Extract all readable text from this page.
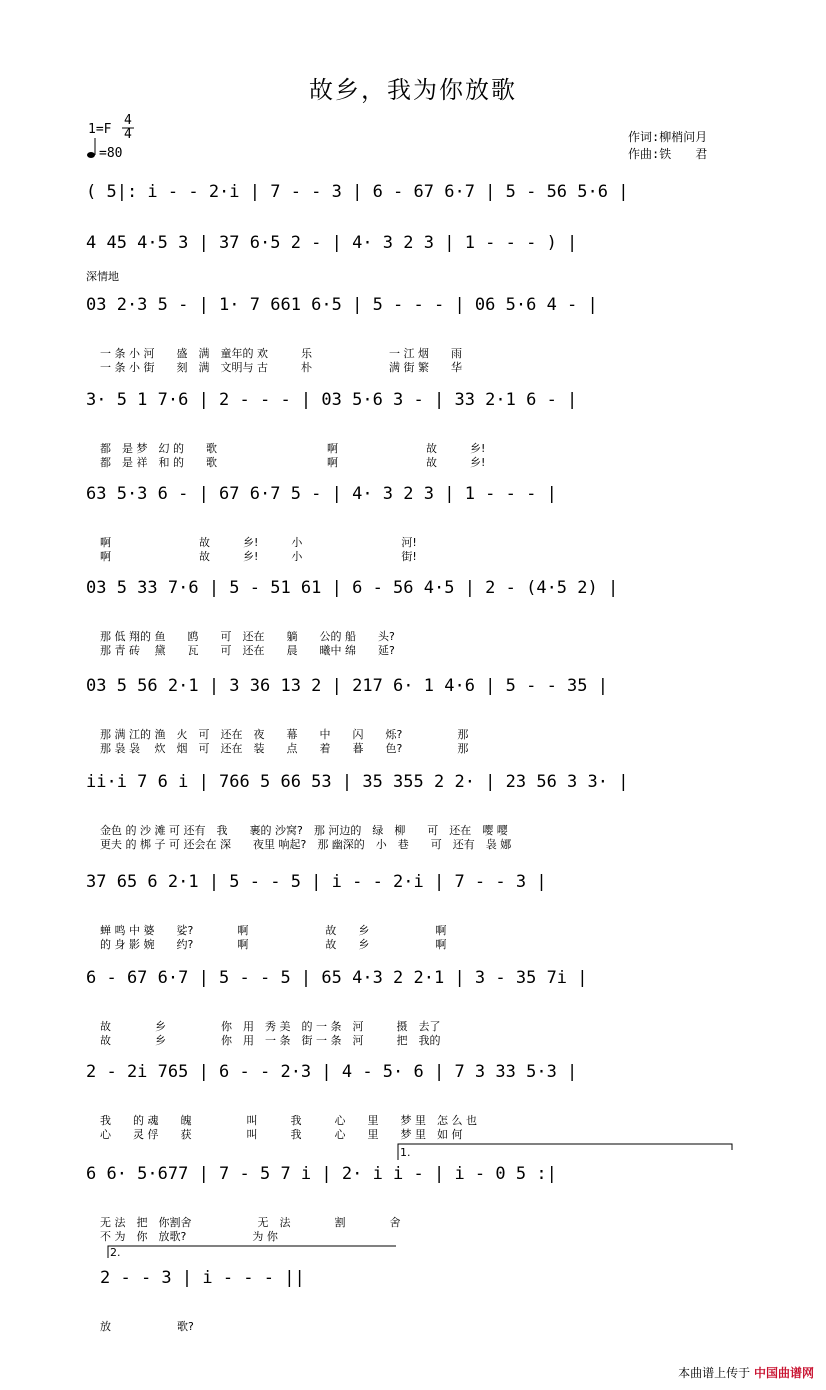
故乡，我为你放歌
1=F
4
4
=80
作词:柳梢问月
作曲:铁　　君
深情地
( 5|: i - - 2·i | 7 - - 3 | 6 - 67 6·7 | 5 - 56 5·6 |
4 45 4·5 3 | 37 6·5 2 - | 4· 3 2 3 | 1 - - - ) |
03 2·3 5 - | 1· 7 661 6·5 | 5 - - - | 06 5·6 4 - |
一 条 小 河　　盛　满　童年的 欢　　　乐　　　　　　　一 江 烟　　雨
一 条 小 街　　刻　满　文明与 古　　　朴　　　　　　　满 街 繁　　华
3· 5 1 7·6 | 2 - - - | 03 5·6 3 - | 33 2·1 6 - |
都　是 梦　幻 的　　歌　　　　　　　　　　啊　　　　　　　　故　　　乡!
都　是 祥　和 的　　歌　　　　　　　　　　啊　　　　　　　　故　　　乡!
63 5·3 6 - | 67 6·7 5 - | 4· 3 2 3 | 1 - - - |
啊　　　　　　　　故　　　乡!　　　小　　　　　　　　　河!
啊　　　　　　　　故　　　乡!　　　小　　　　　　　　　街!
03 5 33 7·6 | 5 - 51 61 | 6 - 56 4·5 | 2 - (4·5 2) |
那 低 翔的 鱼　　鸥　　可　还在　　躺　　公的 船　　头?
那 青 砖　 黛　　瓦　　可　还在　　晨　　曦中 绵　　延?
03 5 56 2·1 | 3 36 13 2 | 217 6· 1 4·6 | 5 - - 35 |
那 满 江的 渔　火　可　还在　夜　　幕　　中　　闪　　烁?　　　　　那
那 袅 袅　 炊　烟　可　还在　装　　点　　着　　暮　　色?　　　　　那
ii·i 7 6 i | 766 5 66 53 | 35 355 2 2· | 23 56 3 3· |
金色 的 沙 滩 可 还有　我　　裹的 沙窝?　那 河边的　绿　柳　　可　还在　嘤 嘤
更夫 的 梆 子 可 还会在 深　　夜里 响起?　那 幽深的　小　巷　　可　还有　袅 娜
37 65 6 2·1 | 5 - - 5 | i - - 2·i | 7 - - 3 |
蝉 鸣 中 婆　　娑?　　　　啊　　　　　　　故　　乡　　　　　　啊
的 身 影 婉　　约?　　　　啊　　　　　　　故　　乡　　　　　　啊
6 - 67 6·7 | 5 - - 5 | 65 4·3 2 2·1 | 3 - 35 7i |
故　　　　乡　　　　　你　用　秀 美　的 一 条　河　　　摄　去了
故　　　　乡　　　　　你　用　一 条　街 一 条　河　　　把　我的
2 - 2i 765 | 6 - - 2·3 | 4 - 5· 6 | 7 3 33 5·3 |
我　　的 魂　　魄　　　　　叫　　　我　　　心　　里　　梦 里　怎 么 也
心　　灵 俘　　获　　　　　叫　　　我　　　心　　里　　梦 里　如 何
6 6· 5·677 | 7 - 5 7 i | 2· i i - | i - 0 5 :|
无 法　把　你割舍　　　　　　无　法　　　　割　　　　舍
不 为　你　放歌?　　　　　　为 你
2 - - 3 | i - - - ||
放　　　　　　歌?
1.
2.
本曲谱上传于 中国曲谱网
